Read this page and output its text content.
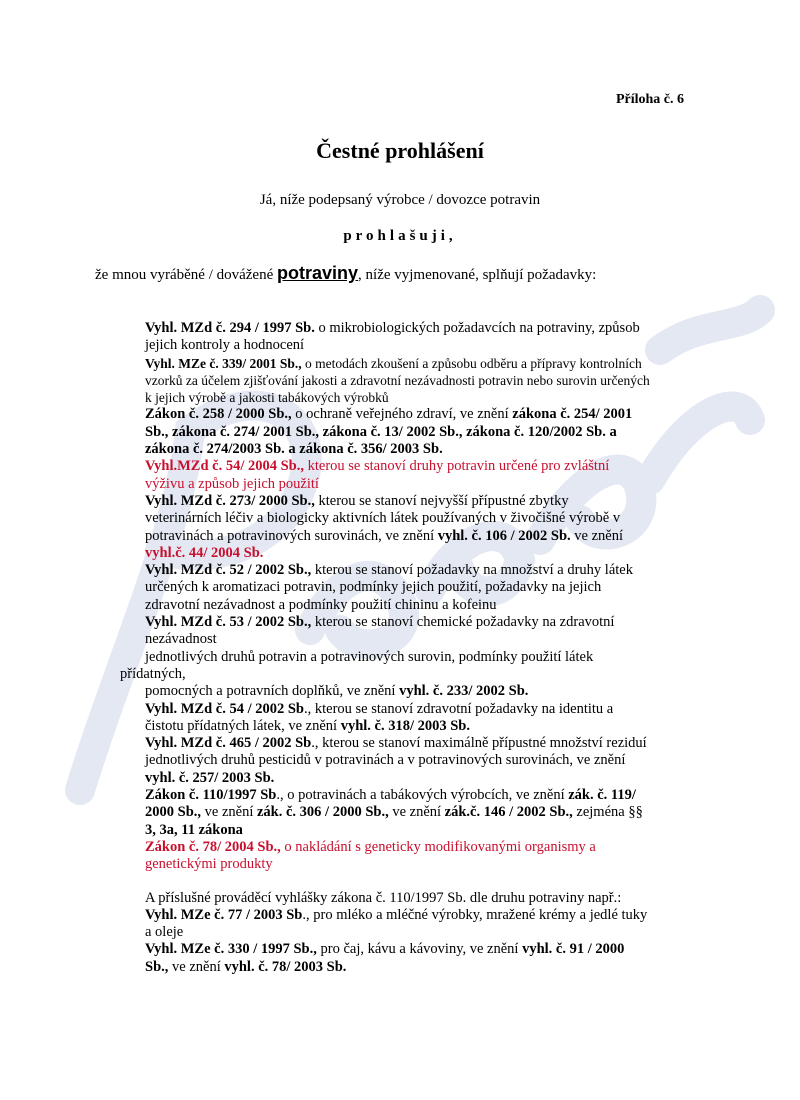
Příloha č. 6
Čestné prohlášení
Já, níže podepsaný výrobce / dovozce potravin
prohlašuji,
že mnou vyráběné / dovážené potraviny, níže vyjmenované, splňují požadavky:

Vyhl. MZd č. 294 / 1997 Sb. o mikrobiologických požadavcích na potraviny, způsob
jejich kontroly a hodnocení

Vyhl. MZe č. 339/ 2001 Sb., o metodách zkoušení a způsobu odběru a přípravy kontrolních
vzorků za účelem zjišťování jakosti a zdravotní nezávadnosti potravin nebo surovin určených
k jejich výrobě a jakosti tabákových výrobků

Zákon č. 258 / 2000 Sb., o ochraně veřejného zdraví, ve znění zákona č. 254/ 2001
Sb., zákona č. 274/ 2001 Sb., zákona č. 13/ 2002 Sb., zákona č. 120/2002 Sb. a
zákona č. 274/2003 Sb. a zákona č. 356/ 2003 Sb.

Vyhl.MZd č. 54/ 2004 Sb., kterou se stanoví druhy potravin určené pro zvláštní
výživu a způsob jejich použití

Vyhl. MZd č. 273/ 2000 Sb., kterou se stanoví nejvyšší přípustné zbytky
veterinárních léčiv a biologicky aktivních látek používaných v živočišné výrobě v
potravinách a potravinových surovinách, ve znění vyhl. č. 106 / 2002 Sb. ve znění
vyhl.č. 44/ 2004 Sb.

Vyhl. MZd č. 52 / 2002 Sb., kterou se stanoví požadavky na množství a druhy látek
určených k aromatizaci potravin, podmínky jejich použití, požadavky na jejich
zdravotní nezávadnost a podmínky použití chininu a kofeinu

Vyhl. MZd č. 53 / 2002 Sb., kterou se stanoví chemické požadavky na zdravotní
nezávadnost
jednotlivých druhů potravin a potravinových surovin, podmínky použití látek
přídatných,
pomocných a potravních doplňků, ve znění vyhl. č. 233/ 2002 Sb.

Vyhl. MZd č. 54 / 2002 Sb., kterou se stanoví zdravotní požadavky na identitu a
čistotu přídatných látek, ve znění vyhl. č. 318/ 2003 Sb.

Vyhl. MZd č. 465 / 2002 Sb., kterou se stanoví maximálně přípustné množství reziduí
jednotlivých druhů pesticidů v potravinách a v potravinových surovinách, ve znění
vyhl. č. 257/ 2003 Sb.

Zákon č. 110/1997 Sb., o potravinách a tabákových výrobcích, ve znění zák. č. 119/
2000 Sb., ve znění zák. č. 306 / 2000 Sb., ve znění zák.č. 146 / 2002 Sb., zejména §§
3, 3a, 11 zákona

Zákon č. 78/ 2004 Sb., o nakládání s geneticky modifikovanými organismy a
genetickými produkty

A příslušné prováděcí vyhlášky zákona č. 110/1997 Sb. dle druhu potraviny např.:

Vyhl. MZe č. 77 / 2003 Sb., pro mléko a mléčné výrobky, mražené krémy a jedlé tuky
a oleje

Vyhl. MZe č. 330 / 1997 Sb., pro čaj, kávu a kávoviny, ve znění vyhl. č. 91 / 2000
Sb., ve znění vyhl. č. 78/ 2003 Sb.
